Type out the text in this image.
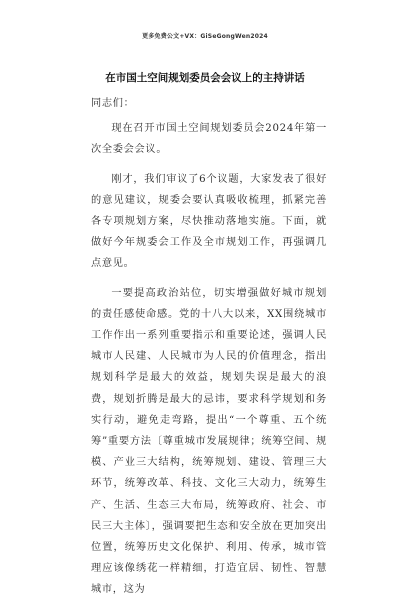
更多免费公文+VX：GiSeGongWen2024
在市国土空间规划委员会会议上的主持讲话

同志们：

现在召开市国土空间规划委员会2024年第一次全委会会议。

刚才，我们审议了6个议题，大家发表了很好的意见建议，规委会要认真吸收梳理，抓紧完善各专项规划方案，尽快推动落地实施。下面，就做好今年规委会工作及全市规划工作，再强调几点意见。

一要提高政治站位，切实增强做好城市规划的责任感使命感。党的十八大以来，XX围绕城市工作作出一系列重要指示和重要论述，强调人民城市人民建、人民城市为人民的价值理念，指出规划科学是最大的效益，规划失误是最大的浪费，规划折腾是最大的忌讳，要求科学规划和务实行动，避免走弯路，提出“一个尊重、五个统筹”重要方法〔尊重城市发展规律；统筹空间、规模、产业三大结构，统筹规划、建设、管理三大环节，统筹改革、科技、文化三大动力，统筹生产、生活、生态三大布局，统筹政府、社会、市民三大主体〕，强调要把生态和安全放在更加突出位置，统筹历史文化保护、利用、传承，城市管理应该像绣花一样精细，打造宜居、韧性、智慧城市，这为
